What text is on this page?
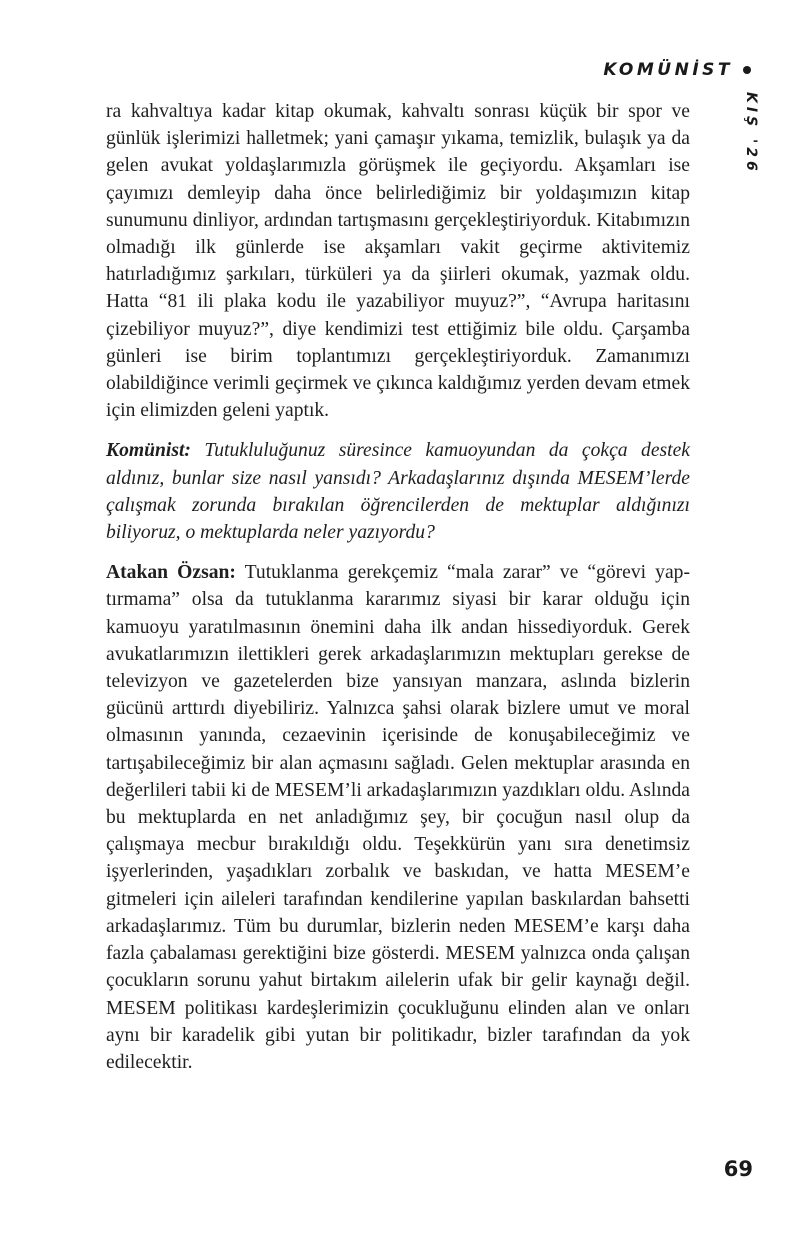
KOMÜNİST
KIŞ '26

ra kahvaltıya kadar kitap okumak, kahvaltı sonrası küçük bir spor ve günlük işlerimizi halletmek; yani çamaşır yıkama, temizlik, bulaşık ya da gelen avukat yoldaşlarımızla görüşmek ile geçiyordu. Akşamları ise çayımızı demleyip daha önce belirlediğimiz bir yoldaşımızın kitap sunumunu dinliyor, ardından tartışmasını gerçekleştiriyorduk. Kitabımızın olmadığı ilk günlerde ise akşamları vakit geçirme aktivitemiz hatırladığımız şarkıları, türküleri ya da şiirleri okumak, yazmak oldu. Hatta “81 ili plaka kodu ile yazabiliyor muyuz?”, “Avrupa haritasını çizebiliyor muyuz?”, diye kendimizi test ettiğimiz bile oldu. Çarşamba günleri ise birim toplantımızı gerçekleştiriyorduk. Zamanımızı olabildiğince verimli geçirmek ve çıkınca kaldığımız yerden devam etmek için elimizden geleni yaptık.

Komünist: Tutukluluğunuz süresince kamuoyundan da çokça destek aldınız, bunlar size nasıl yansıdı? Arkadaşlarınız dışında MESEM’lerde çalışmak zorunda bırakılan öğrencilerden de mektuplar aldığınızı biliyoruz, o mektuplarda neler yazıyordu?

Atakan Özsan: Tutuklanma gerekçemiz “mala zarar” ve “görevi yaptırmama” olsa da tutuklanma kararımız siyasi bir karar olduğu için kamuoyu yaratılmasının önemini daha ilk andan hissediyorduk. Gerek avukatlarımızın ilettikleri gerek arkadaşlarımızın mektupları gerekse de televizyon ve gazetelerden bize yansıyan manzara, aslında bizlerin gücünü arttırdı diyebiliriz. Yalnızca şahsi olarak bizlere umut ve moral olmasının yanında, cezaevinin içerisinde de konuşabileceğimiz ve tartışabileceğimiz bir alan açmasını sağladı. Gelen mektuplar arasında en değerlileri tabii ki de MESEM’li arkadaşlarımızın yazdıkları oldu. Aslında bu mektuplarda en net anladığımız şey, bir çocuğun nasıl olup da çalışmaya mecbur bırakıldığı oldu. Teşekkürün yanı sıra denetimsiz işyerlerinden, yaşadıkları zorbalık ve baskıdan, ve hatta MESEM’e gitmeleri için aileleri tarafından kendilerine yapılan baskılardan bahsetti arkadaşlarımız. Tüm bu durumlar, bizlerin neden MESEM’e karşı daha fazla çabalaması gerektiğini bize gösterdi. MESEM yalnızca onda çalışan çocukların sorunu yahut birtakım ailelerin ufak bir gelir kaynağı değil. MESEM politikası kardeşlerimizin çocukluğunu elinden alan ve onları aynı bir karadelik gibi yutan bir politikadır, bizler tarafından da yok edilecektir.

69
